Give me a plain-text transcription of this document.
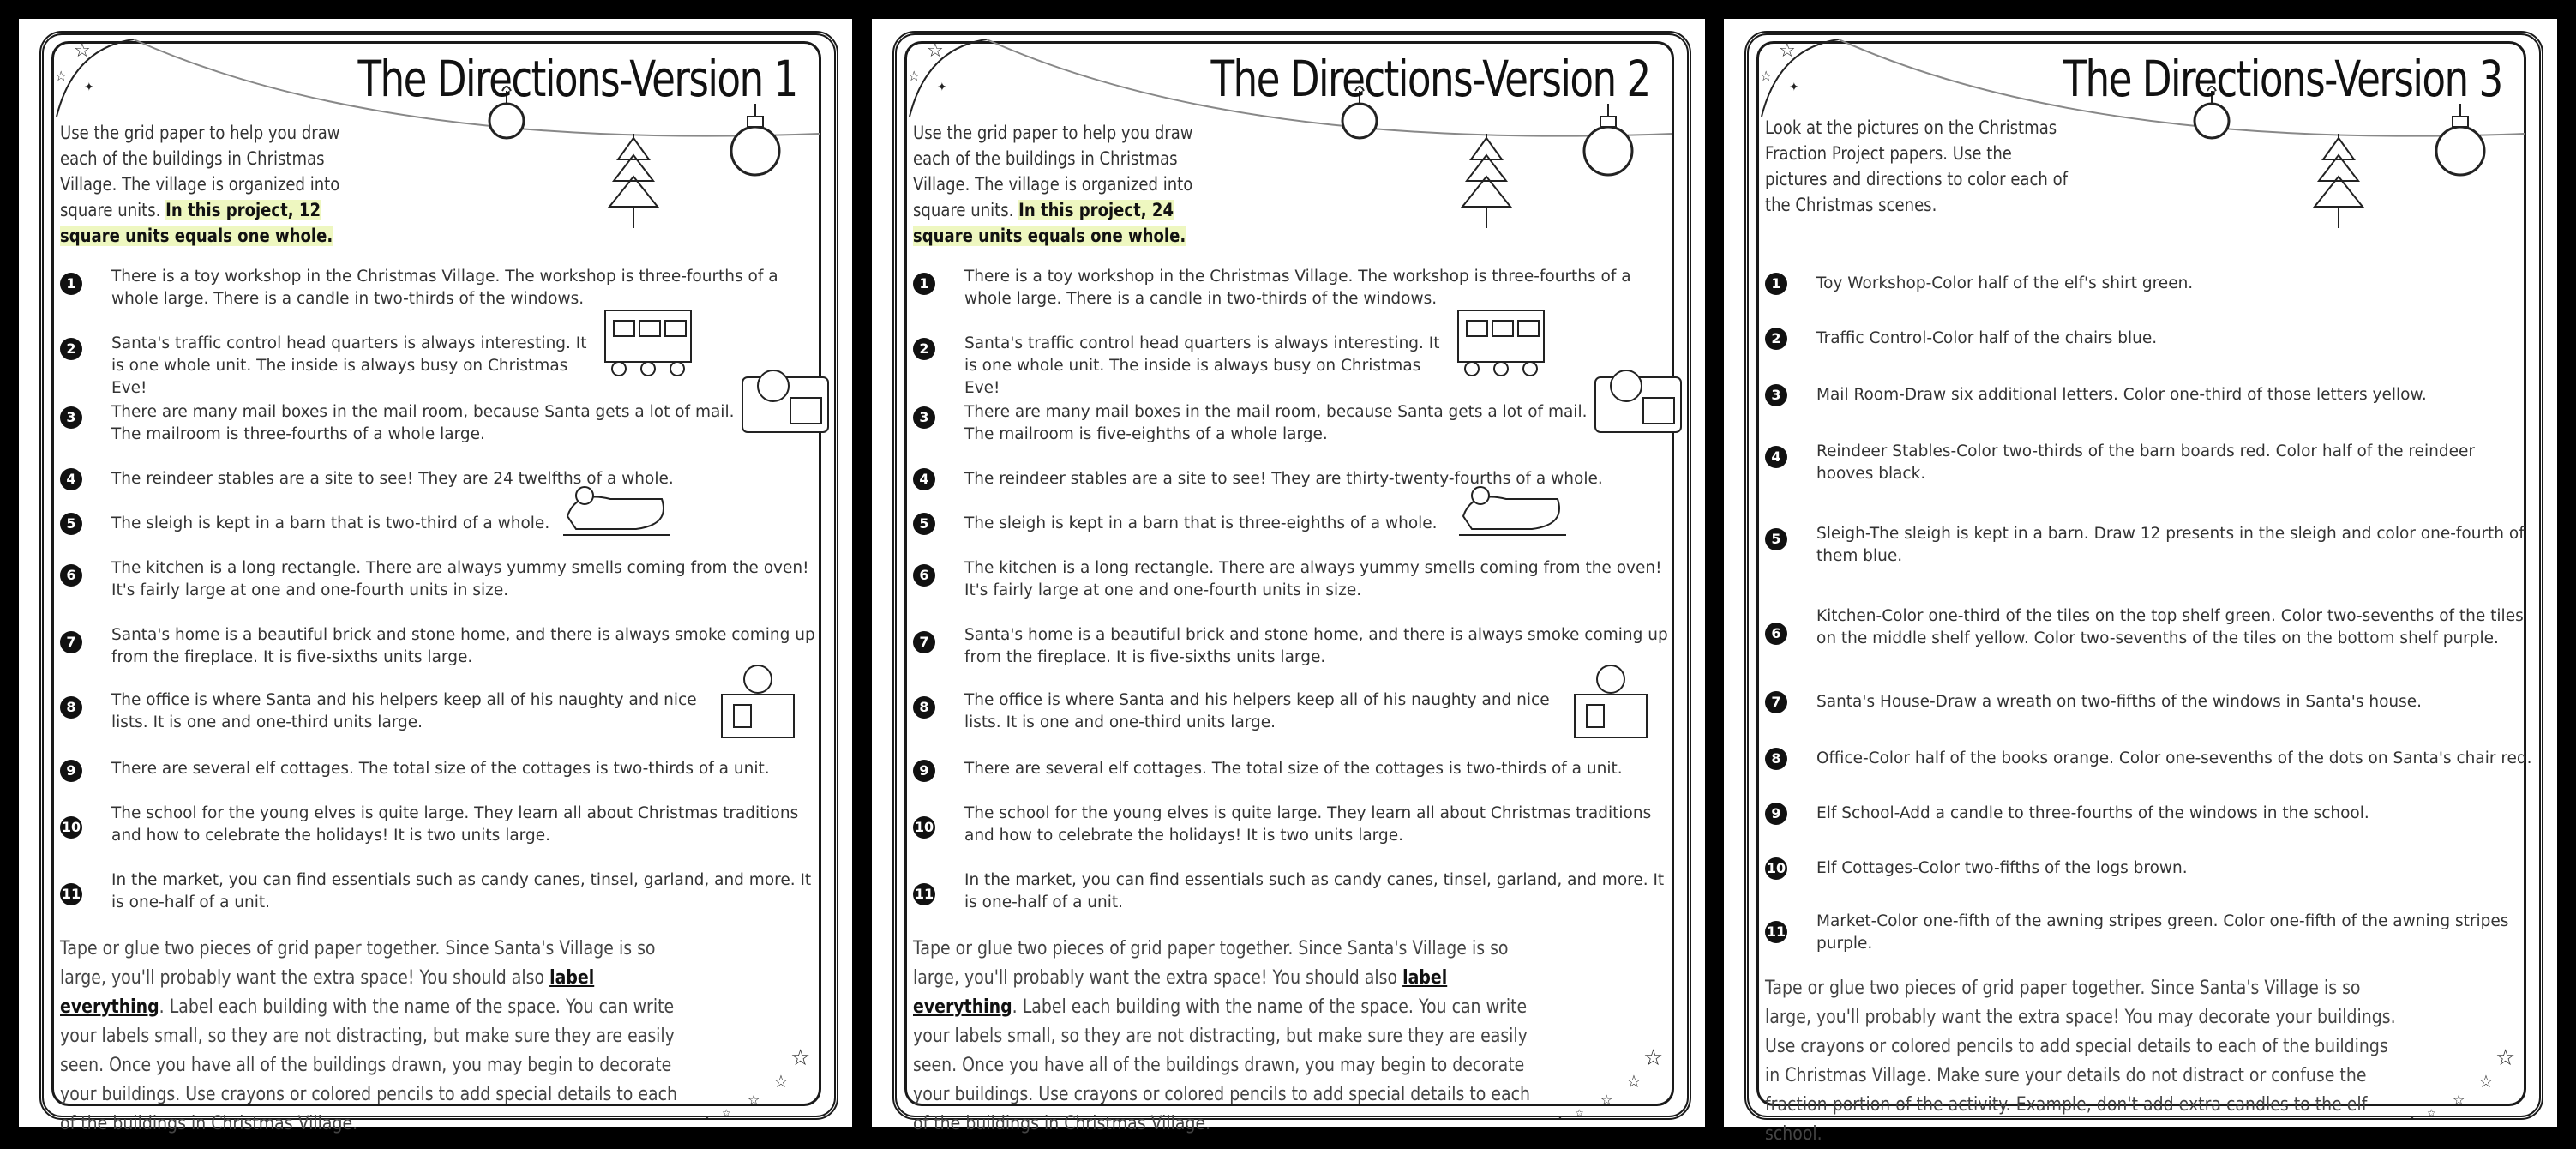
☆
☆
✦	The Directions-Version 1
Use the grid paper to help you draw each of the buildings in Christmas Village. The village is organized into square units. In this project, 12 square units equals one whole.
1	There is a toy workshop in the Christmas Village. The workshop is three-fourths of a whole large. There is a candle in two-thirds of the windows.
2	Santa's traffic control head quarters is always interesting. It is one whole unit. The inside is always busy on Christmas Eve!
3	There are many mail boxes in the mail room, because Santa gets a lot of mail. The mailroom is three-fourths of a whole large.
4	The reindeer stables are a site to see! They are 24 twelfths of a whole.
5	The sleigh is kept in a barn that is two-third of a whole.
6	The kitchen is a long rectangle. There are always yummy smells coming from the oven! It's fairly large at one and one-fourth units in size.
7	Santa's home is a beautiful brick and stone home, and there is always smoke coming up from the fireplace. It is five-sixths units large.
8	The office is where Santa and his helpers keep all of his naughty and nice lists. It is one and one-third units large.
9	There are several elf cottages. The total size of the cottages is two-thirds of a unit.
10
The school for the young elves is quite large. They learn all about Christmas traditions and how to celebrate the holidays! It is two units large.
11
In the market, you can find essentials such as candy canes, tinsel, garland, and more. It is one-half of a unit.
Tape or glue two pieces of grid paper together. Since Santa's Village is so large, you'll probably want the extra space! You should also label everything. Label each building with the name of the space. You can write your labels small, so they are not distracting, but make sure they are easily seen. Once you have all of the buildings drawn, you may begin to decorate your buildings. Use crayons or colored pencils to add special details to each of the buildings in Christmas Village.
☆
☆
☆
☆
•
☆
☆
✦	The Directions-Version 2
Use the grid paper to help you draw each of the buildings in Christmas Village. The village is organized into square units. In this project, 24 square units equals one whole.
1	There is a toy workshop in the Christmas Village. The workshop is three-fourths of a whole large. There is a candle in two-thirds of the windows.
2	Santa's traffic control head quarters is always interesting. It is one whole unit. The inside is always busy on Christmas Eve!
3	There are many mail boxes in the mail room, because Santa gets a lot of mail. The mailroom is five-eighths of a whole large.
4	The reindeer stables are a site to see! They are thirty-twenty-fourths of a whole.
5	The sleigh is kept in a barn that is three-eighths of a whole.
6	The kitchen is a long rectangle. There are always yummy smells coming from the oven! It's fairly large at one and one-fourth units in size.
7	Santa's home is a beautiful brick and stone home, and there is always smoke coming up from the fireplace. It is five-sixths units large.
8	The office is where Santa and his helpers keep all of his naughty and nice lists. It is one and one-third units large.
9	There are several elf cottages. The total size of the cottages is two-thirds of a unit.
10
The school for the young elves is quite large. They learn all about Christmas traditions and how to celebrate the holidays! It is two units large.
11
In the market, you can find essentials such as candy canes, tinsel, garland, and more. It is one-half of a unit.
Tape or glue two pieces of grid paper together. Since Santa's Village is so large, you'll probably want the extra space! You should also label everything. Label each building with the name of the space. You can write your labels small, so they are not distracting, but make sure they are easily seen. Once you have all of the buildings drawn, you may begin to decorate your buildings. Use crayons or colored pencils to add special details to each of the buildings in Christmas Village.
☆
☆
☆
☆
•
☆
☆
✦	The Directions-Version 3
Look at the pictures on the Christmas Fraction Project papers. Use the pictures and directions to color each of the Christmas scenes.
1	Toy Workshop-Color half of the elf's shirt green.
2	Traffic Control-Color half of the chairs blue.
3	Mail Room-Draw six additional letters. Color one-third of those letters yellow.
4	Reindeer Stables-Color two-thirds of the barn boards red. Color half of the reindeer hooves black.
5	Sleigh-The sleigh is kept in a barn. Draw 12 presents in the sleigh and color one-fourth of them blue.
6
Kitchen-Color one-third of the tiles on the top shelf green. Color two-sevenths of the tiles on the middle shelf yellow. Color two-sevenths of the tiles on the bottom shelf purple.
7	Santa's House-Draw a wreath on two-fifths of the windows in Santa's house.
8	Office-Color half of the books orange. Color one-sevenths of the dots on Santa's chair red.
9	Elf School-Add a candle to three-fourths of the windows in the school.
10 Elf Cottages-Color two-fifths of the logs brown.
11
Market-Color one-fifth of the awning stripes green. Color one-fifth of the awning stripes purple.
Tape or glue two pieces of grid paper together. Since Santa's Village is so large, you'll probably want the extra space! You may decorate your buildings. Use crayons or colored pencils to add special details to each of the buildings in Christmas Village. Make sure your details do not distract or confuse the fraction portion of the activity. Example, don't add extra candles to the elf school.
☆
☆
☆
☆
•
